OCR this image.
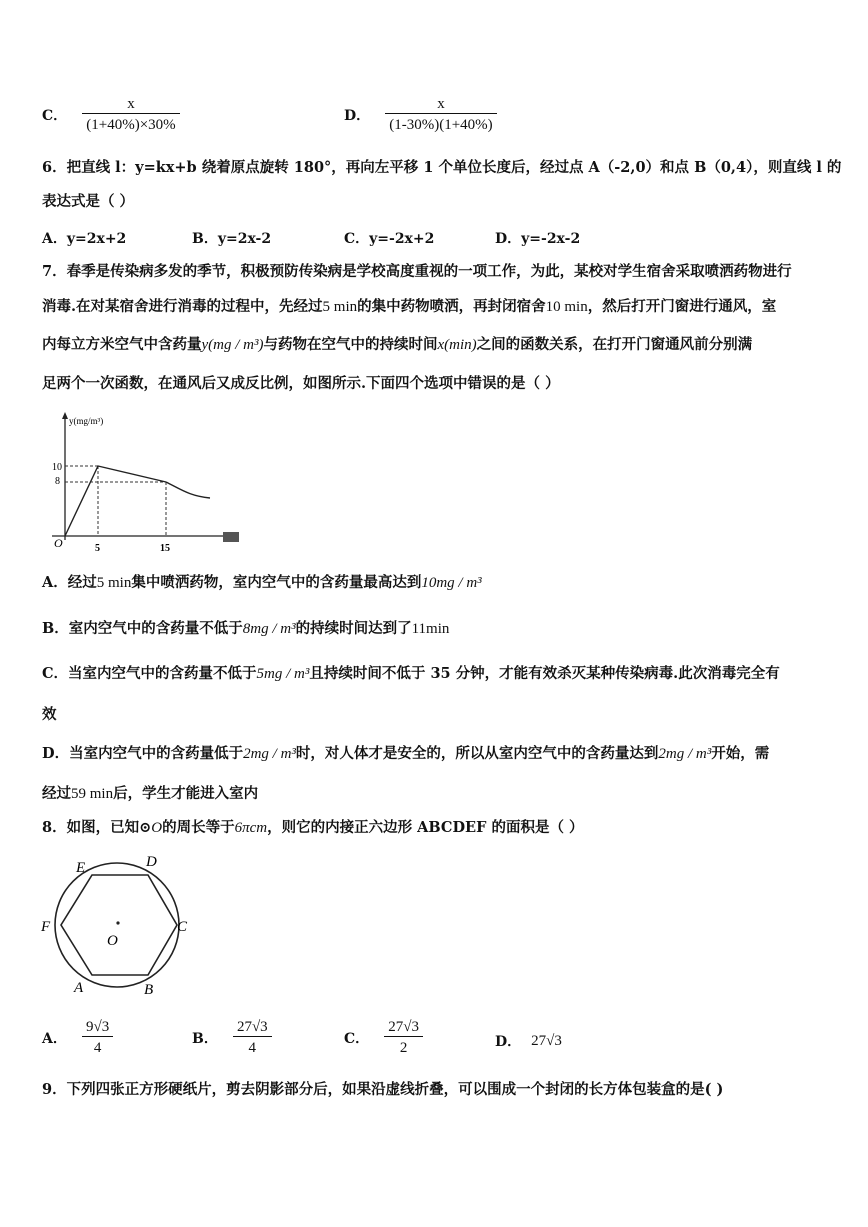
C． $\frac{x}{(1+40\%)\times 30\%}$	D． $\frac{x}{(1-30\%)(1+40\%)}$
6．把直线 l：y=kx+b 绕着原点旋转 180°，再向左平移 1 个单位长度后，经过点 A（-2,0）和点 B（0,4），则直线 l 的
表达式是（ ）
A．y=2x+2	B．y=2x-2	C．y=-2x+2	D．y=-2x-2
7．春季是传染病多发的季节，积极预防传染病是学校高度重视的一项工作，为此，某校对学生宿舍采取喷洒药物进行
消毒.在对某宿舍进行消毒的过程中，先经过5 min的集中药物喷洒，再封闭宿舍10 min，然后打开门窗进行通风，室
内每立方米空气中含药量y(mg / m³)与药物在空气中的持续时间x(min)之间的函数关系，在打开门窗通风前分别满
足两个一次函数，在通风后又成反比例，如图所示.下面四个选项中错误的是（ ）
y(mg/m³)
10
8
5	15
O
A．经过5 min集中喷洒药物，室内空气中的含药量最高达到10mg / m³
B．室内空气中的含药量不低于8mg / m³的持续时间达到了11min
C．当室内空气中的含药量不低于5mg / m³且持续时间不低于 35 分钟，才能有效杀灭某种传染病毒.此次消毒完全有
效
D．当室内空气中的含药量低于2mg / m³时，对人体才是安全的，所以从室内空气中的含药量达到2mg / m³开始，需
经过59 min后，学生才能进入室内
8．如图，已知⊙O的周长等于6πcm，则它的内接正六边形 ABCDEF 的面积是（ ）
E	D
F	C
A	B
O
A． $\frac{9√3}{4}$	B． $\frac{27√3}{4}$	C． $\frac{27√3}{2}$	D． 27√3
9．下列四张正方形硬纸片，剪去阴影部分后，如果沿虚线折叠，可以围成一个封闭的长方体包装盒的是( )
